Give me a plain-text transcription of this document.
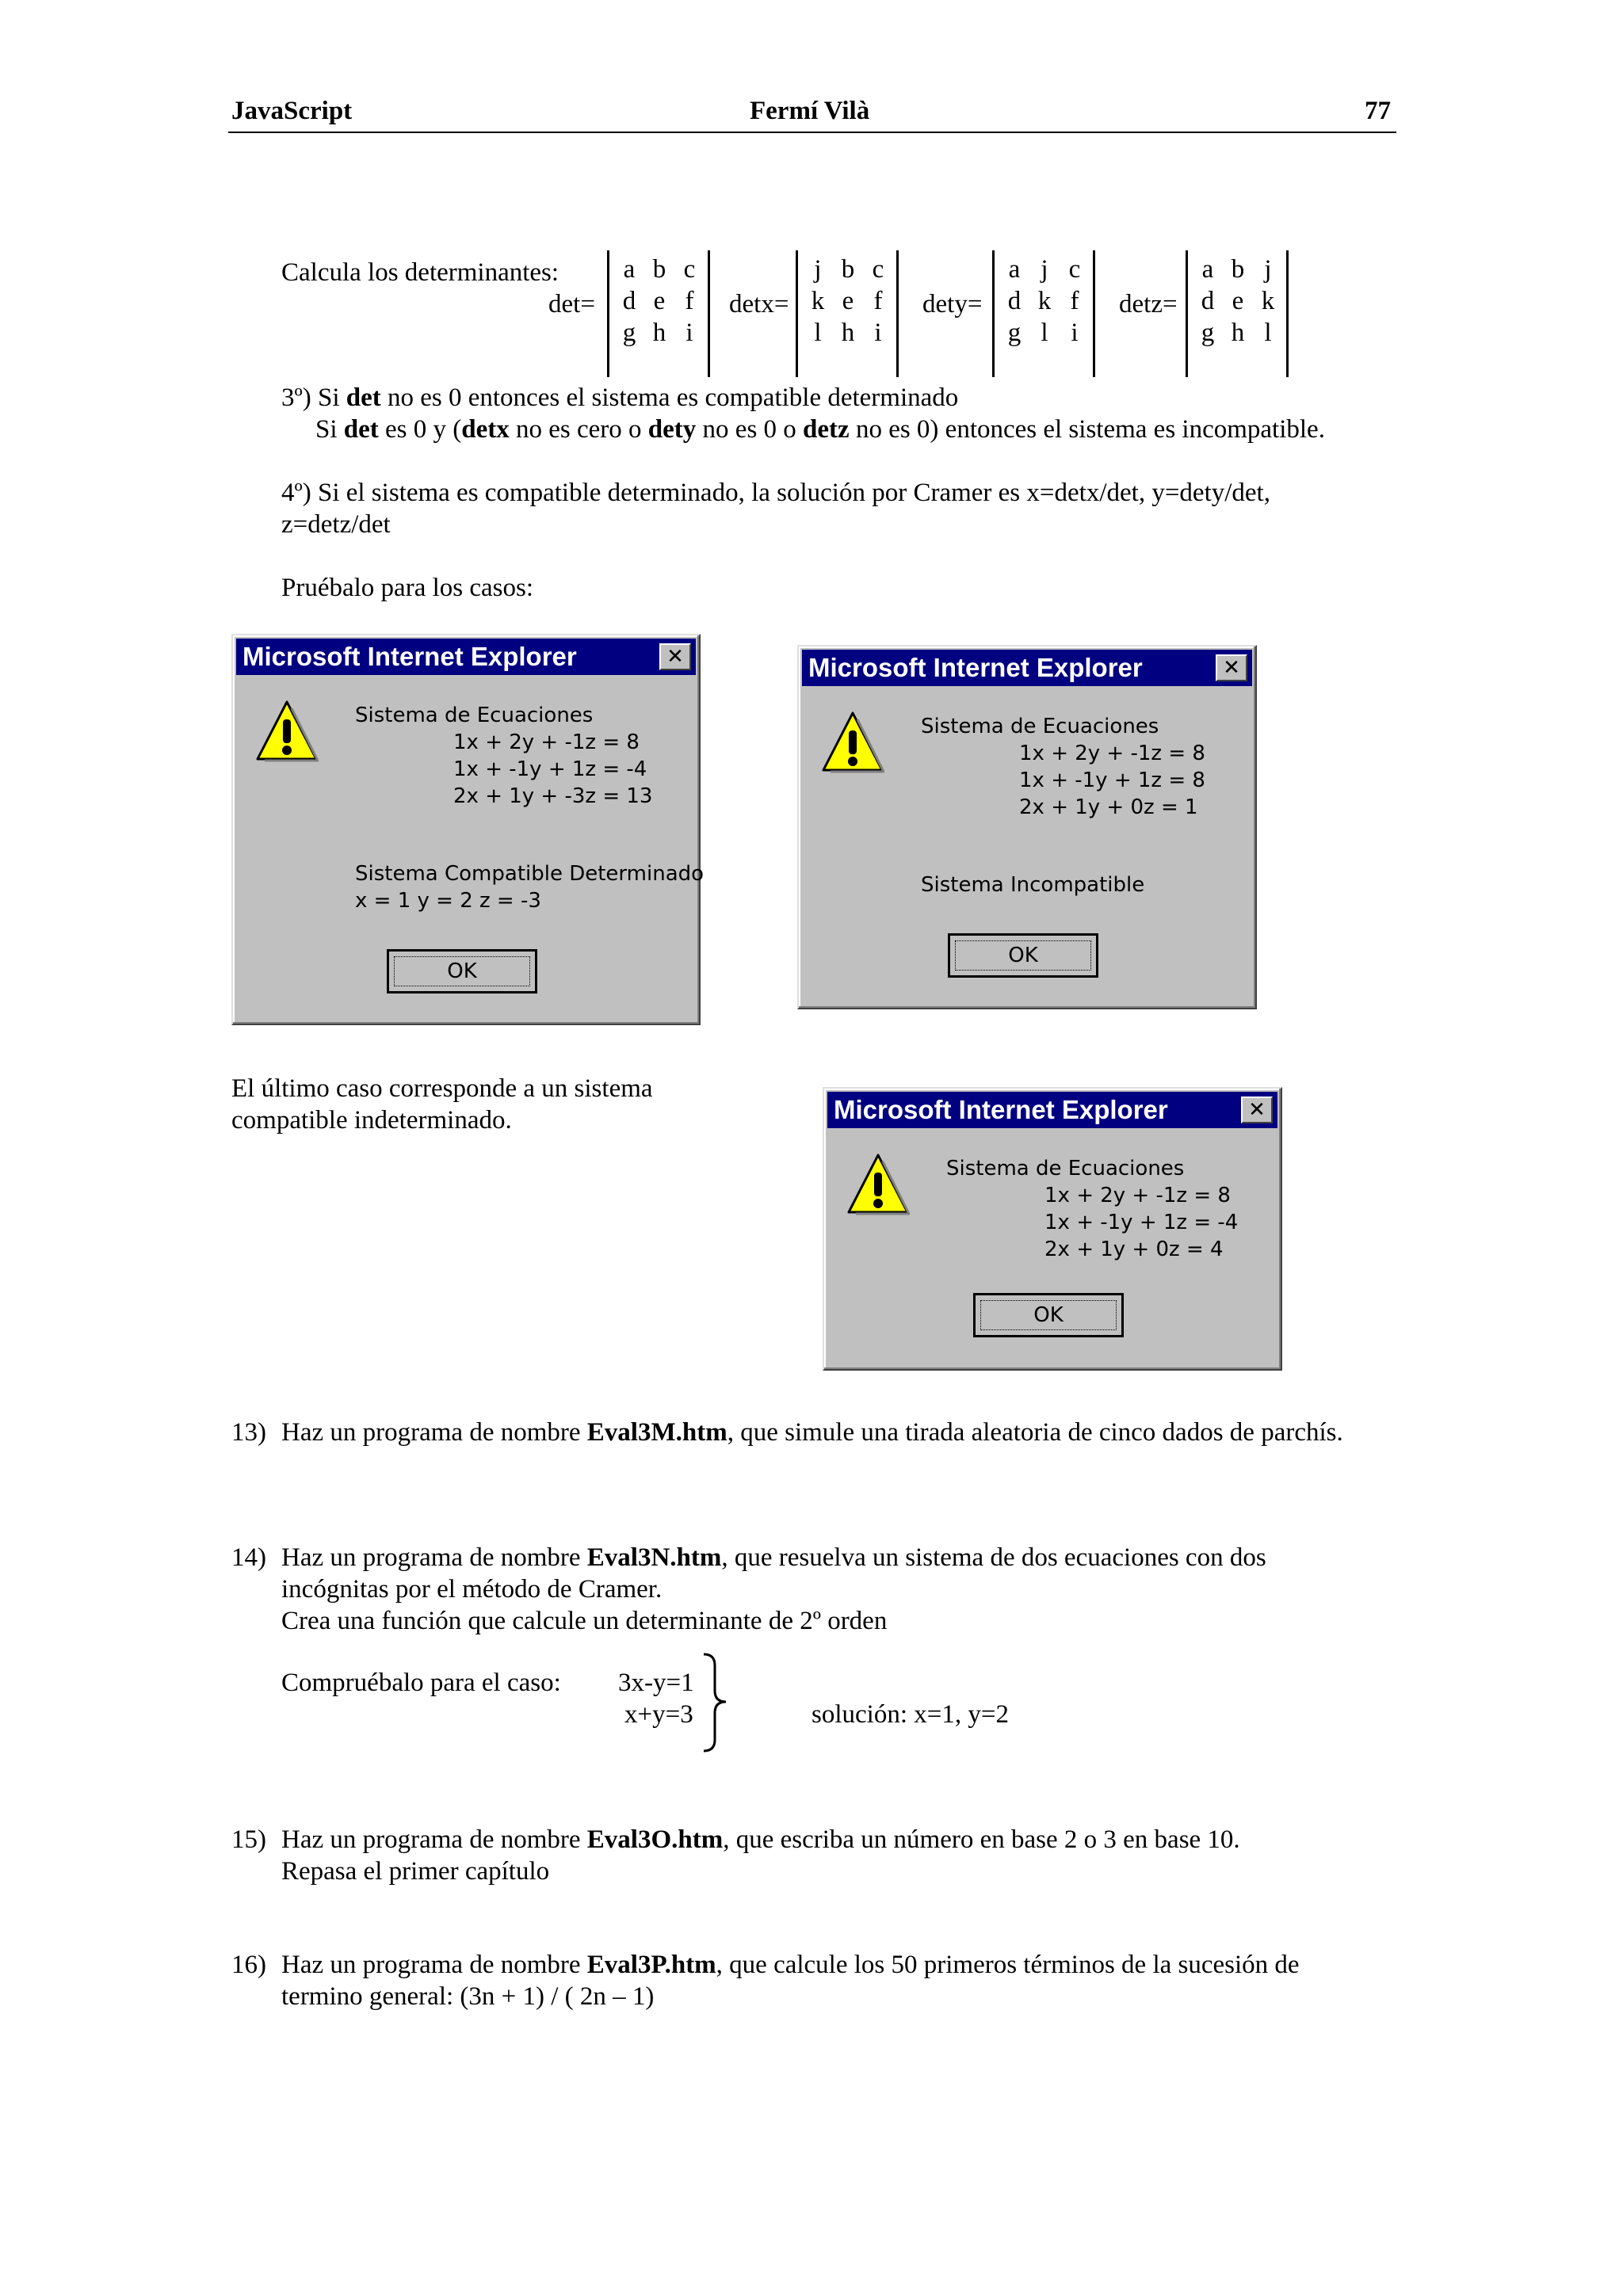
JavaScript	Fermí Vilà	77
Calcula los determinantes:
det=
a b c
d e f
g h i
detx=
j b c
k e f
l h i
dety=
a j c
d k f
g l i
detz=
a b j
d e k
g h l
3º) Si det no es 0 entonces el sistema es compatible determinado
Si det es 0 y (detx no es cero o dety no es 0 o detz no es 0) entonces el sistema es incompatible.
4º) Si el sistema es compatible determinado, la solución por Cramer es x=detx/det, y=dety/det,
z=detz/det
Pruébalo para los casos:
Microsoft Internet Explorer	✕
Sistema de Ecuaciones
1x + 2y + -1z = 8
1x + -1y + 1z = -4
2x + 1y + -3z = 13
Sistema Compatible Determinado
x = 1 y = 2 z = -3
OK
Microsoft Internet Explorer	✕
Sistema de Ecuaciones
1x + 2y + -1z = 8
1x + -1y + 1z = 8
2x + 1y + 0z = 1
Sistema Incompatible
OK
El último caso corresponde a un sistema
compatible indeterminado.	Microsoft Internet Explorer	✕
Sistema de Ecuaciones
1x + 2y + -1z = 8
1x + -1y + 1z = -4
2x + 1y + 0z = 4
OK
13) Haz un programa de nombre Eval3M.htm, que simule una tirada aleatoria de cinco dados de parchís.
14) Haz un programa de nombre Eval3N.htm, que resuelva un sistema de dos ecuaciones con dos
incógnitas por el método de Cramer.
Crea una función que calcule un determinante de 2º orden
Compruébalo para el caso: 3x-y=1
x+y=3	solución: x=1, y=2
15) Haz un programa de nombre Eval3O.htm, que escriba un número en base 2 o 3 en base 10.
Repasa el primer capítulo
16) Haz un programa de nombre Eval3P.htm, que calcule los 50 primeros términos de la sucesión de
termino general: (3n + 1) / ( 2n – 1)
